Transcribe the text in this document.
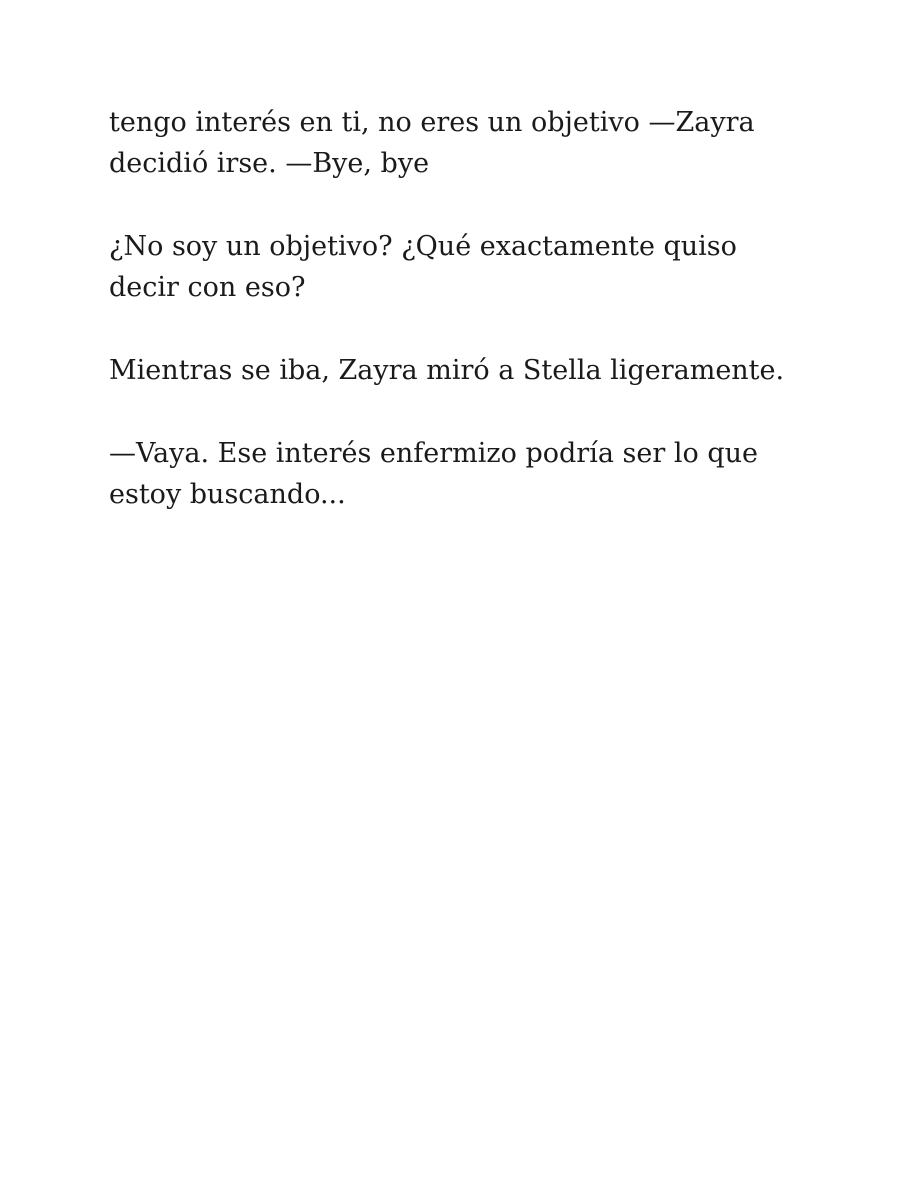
tengo interés en ti, no eres un objetivo —Zayra
decidió irse. —Bye, bye

¿No soy un objetivo? ¿Qué exactamente quiso
decir con eso?

Mientras se iba, Zayra miró a Stella ligeramente.

—Vaya. Ese interés enfermizo podría ser lo que
estoy buscando...
